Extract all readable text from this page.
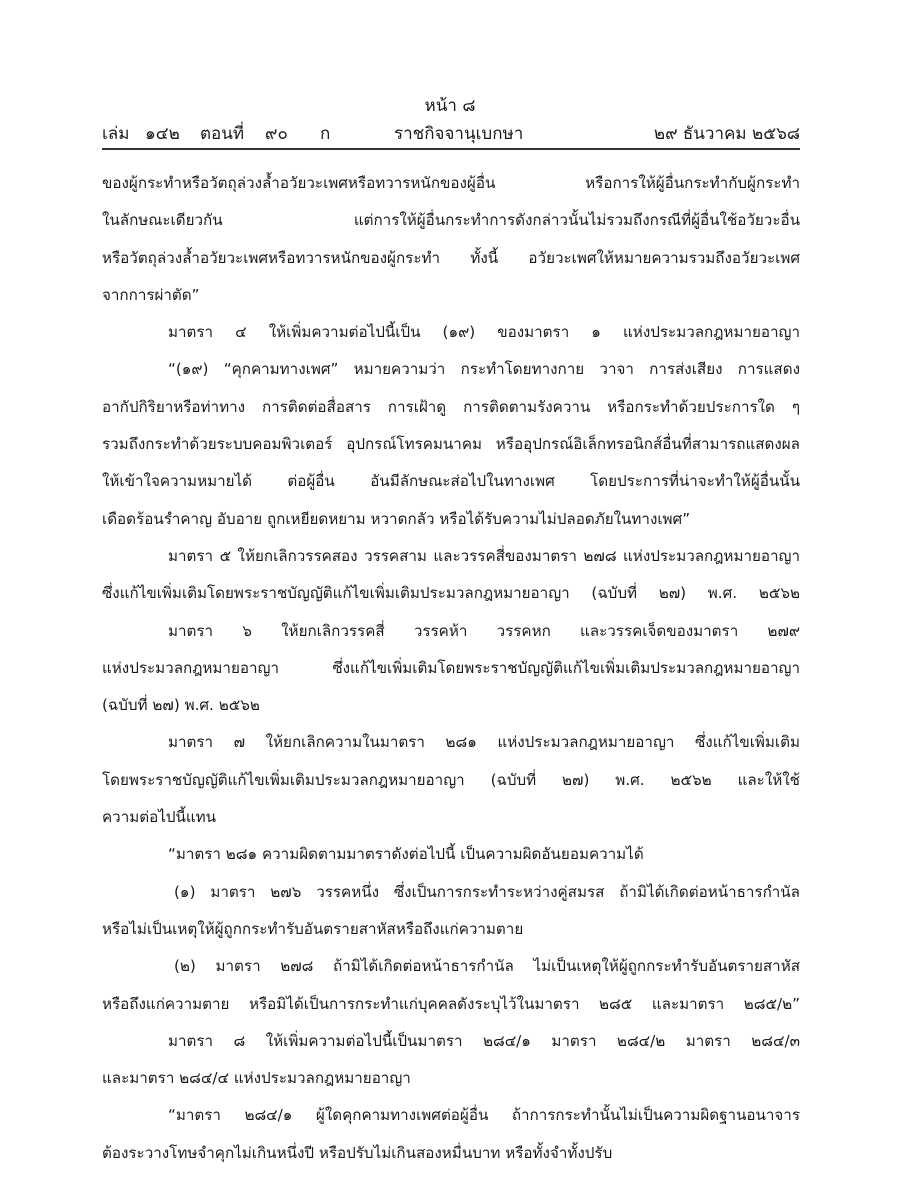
หน้า ๘
เล่ม ๑๔๒ ตอนที่ ๙๐ ก	ราชกิจจานุเบกษา	๒๙ ธันวาคม ๒๕๖๘
ของผู้กระทำหรือวัตถุล่วงล้ำอวัยวะเพศหรือทวารหนักของผู้อื่น หรือการให้ผู้อื่นกระทำกับผู้กระทำ
ในลักษณะเดียวกัน แต่การให้ผู้อื่นกระทำการดังกล่าวนั้นไม่รวมถึงกรณีที่ผู้อื่นใช้อวัยวะอื่น
หรือวัตถุล่วงล้ำอวัยวะเพศหรือทวารหนักของผู้กระทำ ทั้งนี้ อวัยวะเพศให้หมายความรวมถึงอวัยวะเพศ
จากการผ่าตัด”
มาตรา ๔ ให้เพิ่มความต่อไปนี้เป็น (๑๙) ของมาตรา ๑ แห่งประมวลกฎหมายอาญา
“(๑๙) “คุกคามทางเพศ” หมายความว่า กระทำโดยทางกาย วาจา การส่งเสียง การแสดง
อากัปกิริยาหรือท่าทาง การติดต่อสื่อสาร การเฝ้าดู การติดตามรังควาน หรือกระทำด้วยประการใด ๆ
รวมถึงกระทำด้วยระบบคอมพิวเตอร์ อุปกรณ์โทรคมนาคม หรืออุปกรณ์อิเล็กทรอนิกส์อื่นที่สามารถแสดงผล
ให้เข้าใจความหมายได้ ต่อผู้อื่น อันมีลักษณะส่อไปในทางเพศ โดยประการที่น่าจะทำให้ผู้อื่นนั้น
เดือดร้อนรำคาญ อับอาย ถูกเหยียดหยาม หวาดกลัว หรือได้รับความไม่ปลอดภัยในทางเพศ”
มาตรา ๕ ให้ยกเลิกวรรคสอง วรรคสาม และวรรคสี่ของมาตรา ๒๗๘ แห่งประมวลกฎหมายอาญา
ซึ่งแก้ไขเพิ่มเติมโดยพระราชบัญญัติแก้ไขเพิ่มเติมประมวลกฎหมายอาญา (ฉบับที่ ๒๗) พ.ศ. ๒๕๖๒
มาตรา ๖ ให้ยกเลิกวรรคสี่ วรรคห้า วรรคหก และวรรคเจ็ดของมาตรา ๒๗๙
แห่งประมวลกฎหมายอาญา ซึ่งแก้ไขเพิ่มเติมโดยพระราชบัญญัติแก้ไขเพิ่มเติมประมวลกฎหมายอาญา
(ฉบับที่ ๒๗) พ.ศ. ๒๕๖๒
มาตรา ๗ ให้ยกเลิกความในมาตรา ๒๘๑ แห่งประมวลกฎหมายอาญา ซึ่งแก้ไขเพิ่มเติม
โดยพระราชบัญญัติแก้ไขเพิ่มเติมประมวลกฎหมายอาญา (ฉบับที่ ๒๗) พ.ศ. ๒๕๖๒ และให้ใช้
ความต่อไปนี้แทน
“มาตรา ๒๘๑ ความผิดตามมาตราดังต่อไปนี้ เป็นความผิดอันยอมความได้
(๑) มาตรา ๒๗๖ วรรคหนึ่ง ซึ่งเป็นการกระทำระหว่างคู่สมรส ถ้ามิได้เกิดต่อหน้าธารกำนัล
หรือไม่เป็นเหตุให้ผู้ถูกกระทำรับอันตรายสาหัสหรือถึงแก่ความตาย
(๒) มาตรา ๒๗๘ ถ้ามิได้เกิดต่อหน้าธารกำนัล ไม่เป็นเหตุให้ผู้ถูกกระทำรับอันตรายสาหัส
หรือถึงแก่ความตาย หรือมิได้เป็นการกระทำแก่บุคคลดังระบุไว้ในมาตรา ๒๘๕ และมาตรา ๒๘๕/๒”
มาตรา ๘ ให้เพิ่มความต่อไปนี้เป็นมาตรา ๒๘๔/๑ มาตรา ๒๘๔/๒ มาตรา ๒๘๔/๓
และมาตรา ๒๘๔/๔ แห่งประมวลกฎหมายอาญา
“มาตรา ๒๘๔/๑ ผู้ใดคุกคามทางเพศต่อผู้อื่น ถ้าการกระทำนั้นไม่เป็นความผิดฐานอนาจาร
ต้องระวางโทษจำคุกไม่เกินหนึ่งปี หรือปรับไม่เกินสองหมื่นบาท หรือทั้งจำทั้งปรับ
